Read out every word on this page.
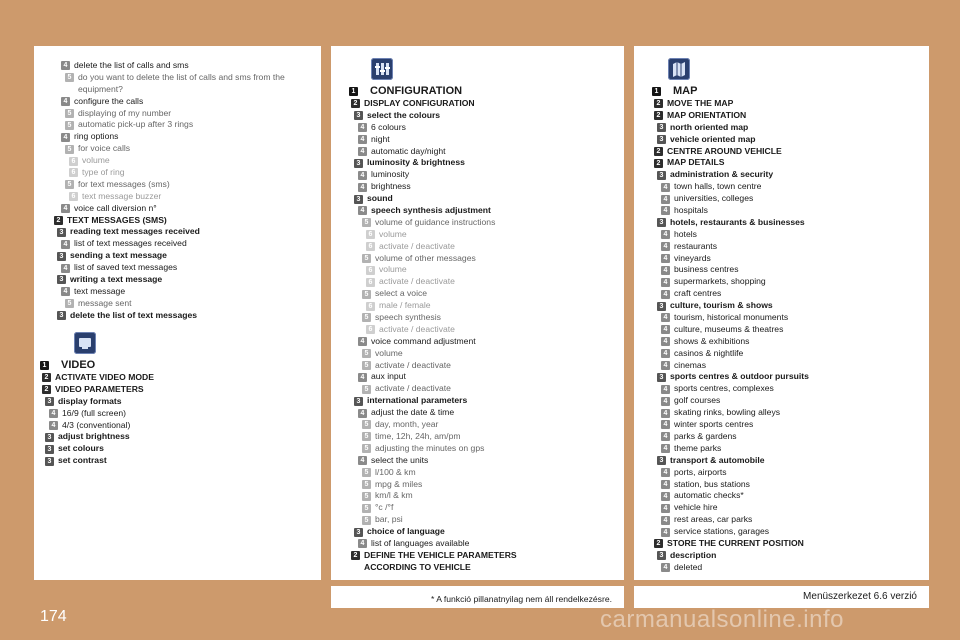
4 delete the list of calls and sms
5 do you want to delete the list of calls and sms from the
equipment?
4 configure the calls
5 displaying of my number
5 automatic pick-up after 3 rings
4 ring options
5 for voice calls
6 volume
6 type of ring
5 for text messages (sms)
6 text message buzzer
4 voice call diversion n°
2 TEXT MESSAGES (SMS)
3 reading text messages received
4 list of text messages received
3 sending a text message
4 list of saved text messages
3 writing a text message
4 text message
5 message sent
3 delete the list of text messages
1 VIDEO
2 ACTIVATE VIDEO MODE
2 VIDEO PARAMETERS
3 display formats
4 16/9 (full screen)
4 4/3 (conventional)
3 adjust brightness
3 set colours
3 set contrast
1 CONFIGURATION
2 DISPLAY CONFIGURATION
3 select the colours
4 6 colours
4 night
4 automatic day/night
3 luminosity & brightness
4 luminosity
4 brightness
3 sound
4 speech synthesis adjustment
5 volume of guidance instructions
6 volume
6 activate / deactivate
5 volume of other messages
6 volume
6 activate / deactivate
5 select a voice
6 male / female
5 speech synthesis
6 activate / deactivate
4 voice command adjustment
5 volume
5 activate / deactivate
4 aux input
5 activate / deactivate
3 international parameters
4 adjust the date & time
5 day, month, year
5 time, 12h, 24h, am/pm
5 adjusting the minutes on gps
4 select the units
5 l/100 & km
5 mpg & miles
5 km/l & km
5 °c /°f
5 bar, psi
3 choice of language
4 list of languages available
2 DEFINE THE VEHICLE PARAMETERS
ACCORDING TO VEHICLE
1 MAP
2 MOVE THE MAP
2 MAP ORIENTATION
3 north oriented map
3 vehicle oriented map
2 CENTRE AROUND VEHICLE
2 MAP DETAILS
3 administration & security
4 town halls, town centre
4 universities, colleges
4 hospitals
3 hotels, restaurants & businesses
4 hotels
4 restaurants
4 vineyards
4 business centres
4 supermarkets, shopping
4 craft centres
3 culture, tourism & shows
4 tourism, historical monuments
4 culture, museums & theatres
4 shows & exhibitions
4 casinos & nightlife
4 cinemas
3 sports centres & outdoor pursuits
4 sports centres, complexes
4 golf courses
4 skating rinks, bowling alleys
4 winter sports centres
4 parks & gardens
4 theme parks
3 transport & automobile
4 ports, airports
4 station, bus stations
4 automatic checks*
4 vehicle hire
4 rest areas, car parks
4 service stations, garages
2 STORE THE CURRENT POSITION
3 description
4 deleted
174
* A funkció pillanatnyilag nem áll rendelkezésre.	Menüszerkezet 6.6 verzió
carmanualsonline.info
